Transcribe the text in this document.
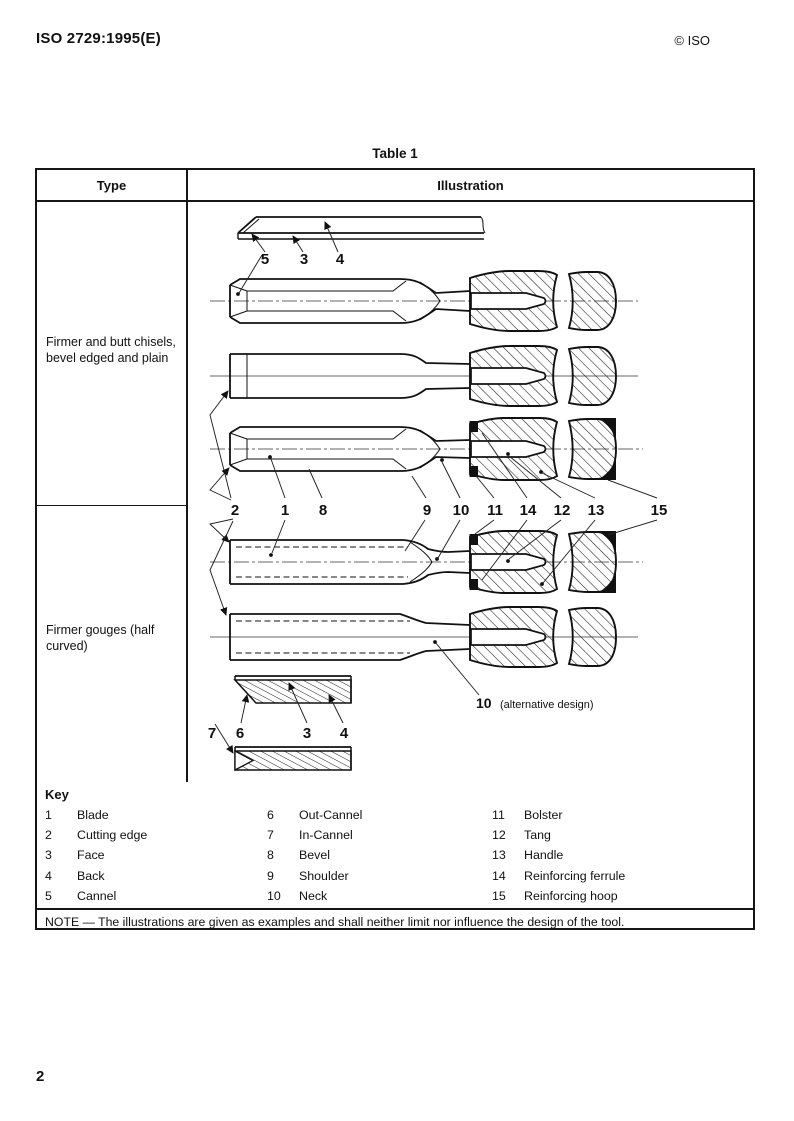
ISO 2729:1995(E)	© ISO
Table 1
Type	Illustration
Firmer and butt chisels, bevel edged and plain
Firmer gouges (half curved)
5 3 4
2	1 8	9 10 11 14 12 13	15
7 6	3 4
10 (alternative design)
Key
1	Blade
2	Cutting edge
3	Face
4	Back
5	Cannel
6	Out-Cannel
7	In-Cannel
8	Bevel
9	Shoulder
10	Neck
11	Bolster
12	Tang
13	Handle
14	Reinforcing ferrule
15	Reinforcing hoop
NOTE — The illustrations are given as examples and shall neither limit nor influence the design of the tool.
2
